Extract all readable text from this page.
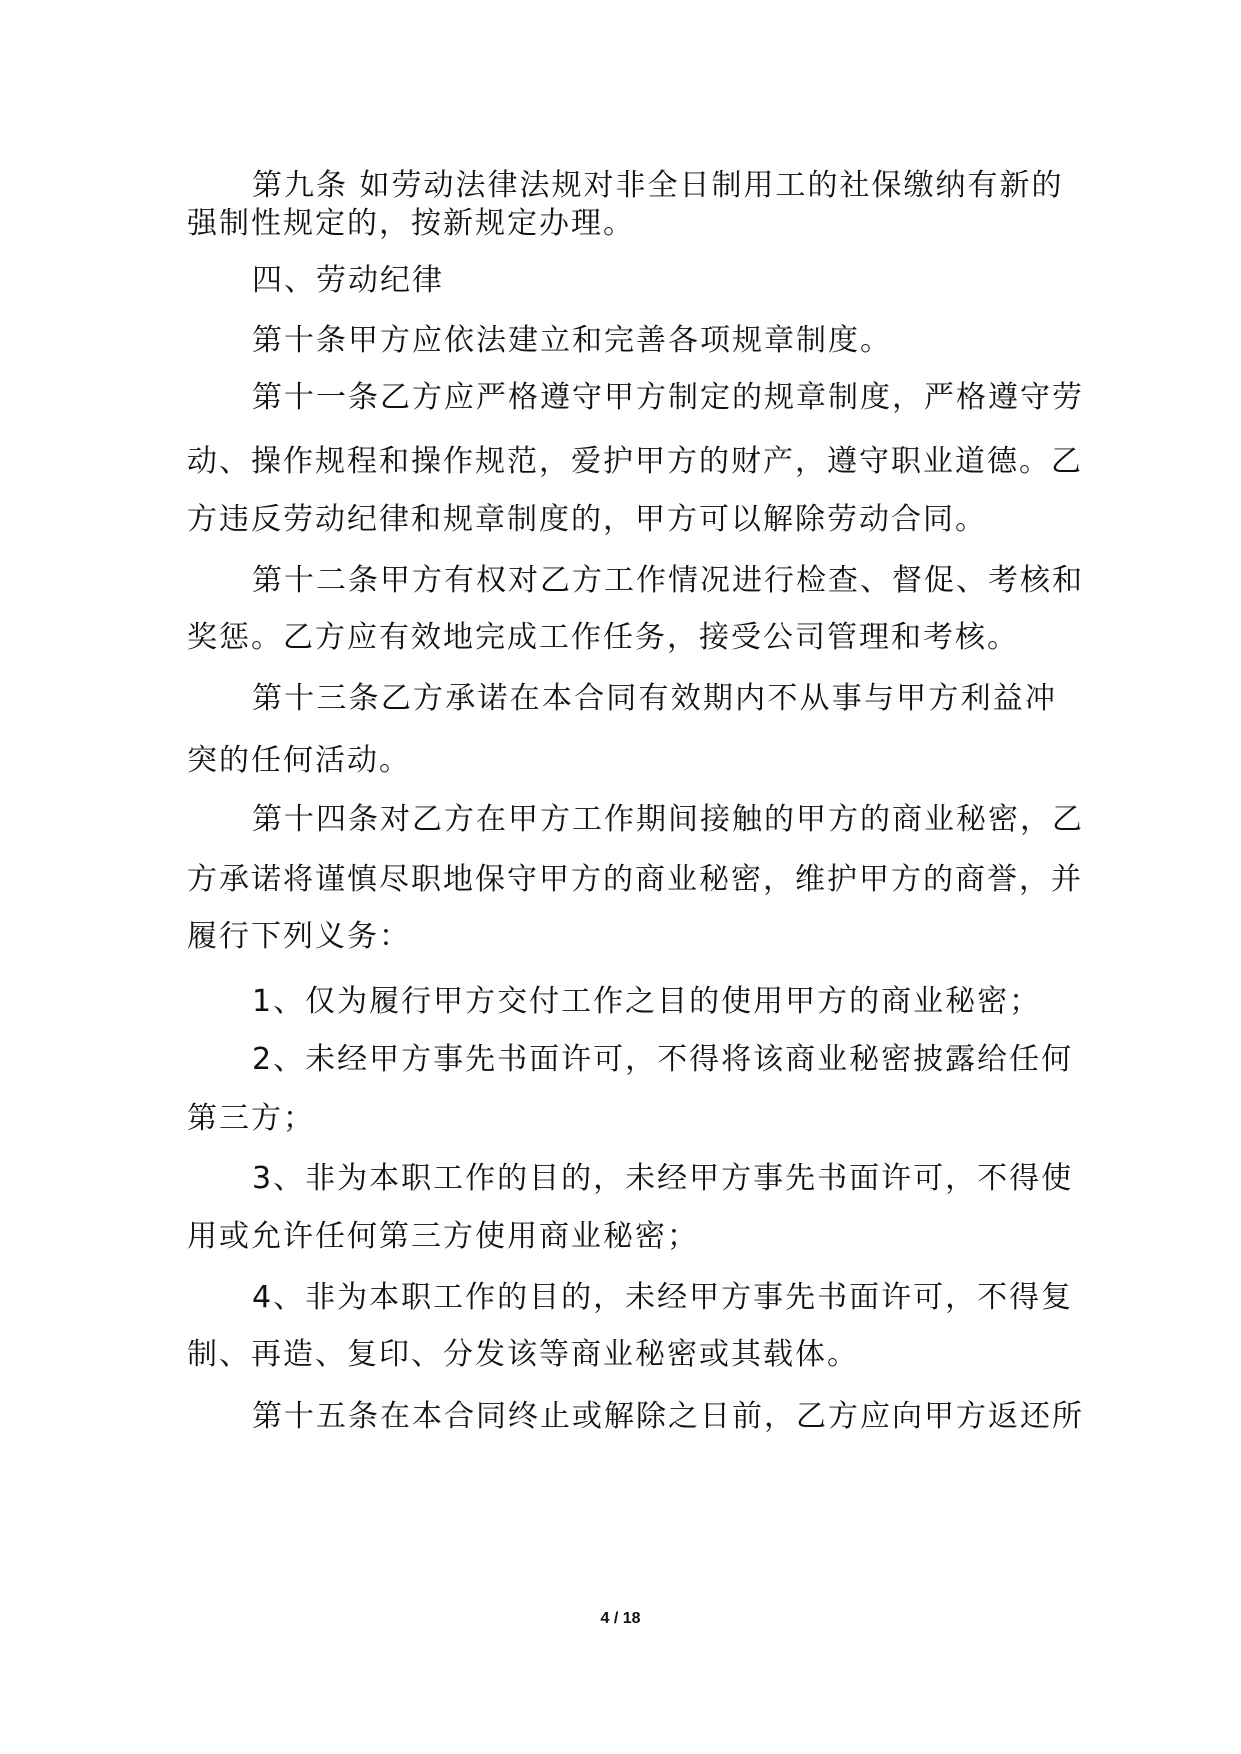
第九条 如劳动法律法规对非全日制用工的社保缴纳有新的
强制性规定的，按新规定办理。
四、劳动纪律
第十条甲方应依法建立和完善各项规章制度。
第十一条乙方应严格遵守甲方制定的规章制度，严格遵守劳
动、操作规程和操作规范，爱护甲方的财产，遵守职业道德。乙
方违反劳动纪律和规章制度的，甲方可以解除劳动合同。
第十二条甲方有权对乙方工作情况进行检查、督促、考核和
奖惩。乙方应有效地完成工作任务，接受公司管理和考核。
第十三条乙方承诺在本合同有效期内不从事与甲方利益冲
突的任何活动。
第十四条对乙方在甲方工作期间接触的甲方的商业秘密，乙
方承诺将谨慎尽职地保守甲方的商业秘密，维护甲方的商誉，并
履行下列义务：
1、仅为履行甲方交付工作之目的使用甲方的商业秘密；
2、未经甲方事先书面许可，不得将该商业秘密披露给任何
第三方；
3、非为本职工作的目的，未经甲方事先书面许可，不得使
用或允许任何第三方使用商业秘密；
4、非为本职工作的目的，未经甲方事先书面许可，不得复
制、再造、复印、分发该等商业秘密或其载体。
第十五条在本合同终止或解除之日前，乙方应向甲方返还所
4 / 18
